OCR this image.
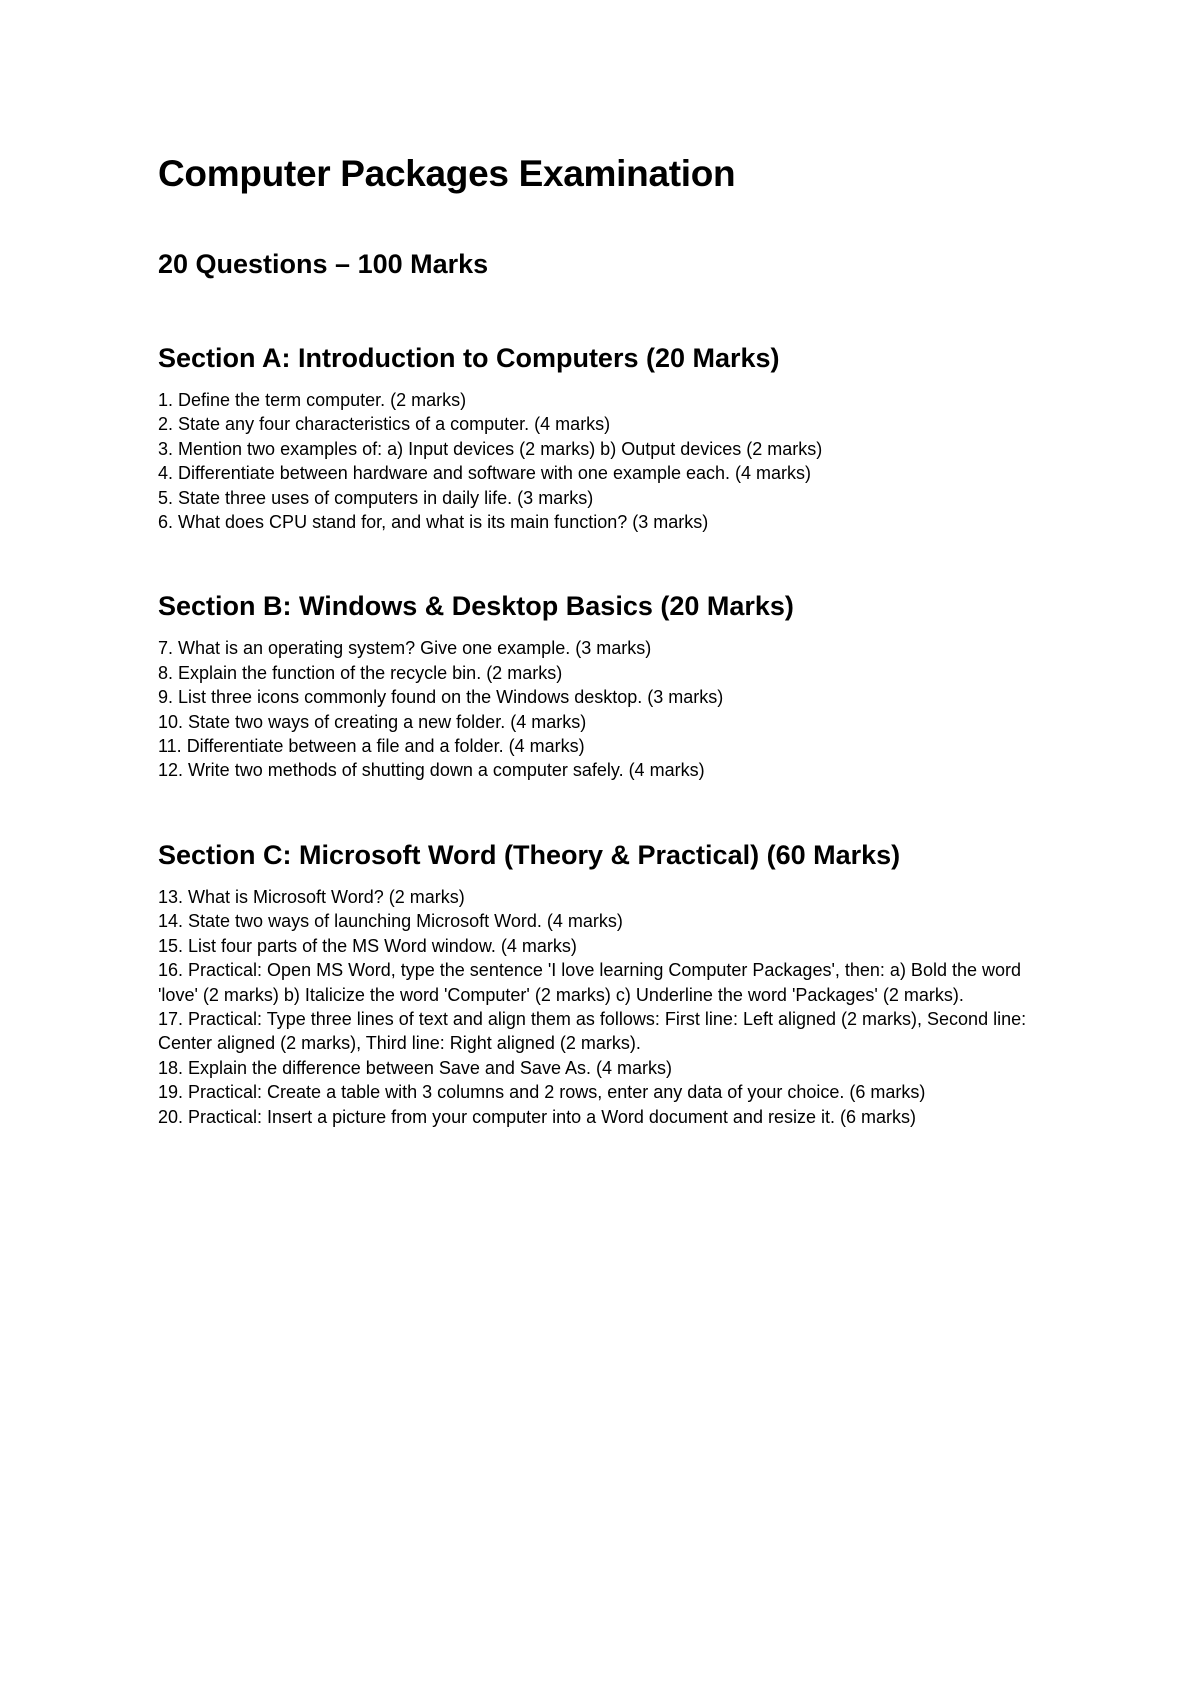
Computer Packages Examination
20 Questions – 100 Marks
Section A: Introduction to Computers (20 Marks)
1. Define the term computer. (2 marks)
2. State any four characteristics of a computer. (4 marks)
3. Mention two examples of: a) Input devices (2 marks) b) Output devices (2 marks)
4. Differentiate between hardware and software with one example each. (4 marks)
5. State three uses of computers in daily life. (3 marks)
6. What does CPU stand for, and what is its main function? (3 marks)
Section B: Windows & Desktop Basics (20 Marks)
7. What is an operating system? Give one example. (3 marks)
8. Explain the function of the recycle bin. (2 marks)
9. List three icons commonly found on the Windows desktop. (3 marks)
10. State two ways of creating a new folder. (4 marks)
11. Differentiate between a file and a folder. (4 marks)
12. Write two methods of shutting down a computer safely. (4 marks)
Section C: Microsoft Word (Theory & Practical) (60 Marks)
13. What is Microsoft Word? (2 marks)
14. State two ways of launching Microsoft Word. (4 marks)
15. List four parts of the MS Word window. (4 marks)
16. Practical: Open MS Word, type the sentence 'I love learning Computer Packages', then: a) Bold the word 'love' (2 marks) b) Italicize the word 'Computer' (2 marks) c) Underline the word 'Packages' (2 marks).
17. Practical: Type three lines of text and align them as follows: First line: Left aligned (2 marks), Second line: Center aligned (2 marks), Third line: Right aligned (2 marks).
18. Explain the difference between Save and Save As. (4 marks)
19. Practical: Create a table with 3 columns and 2 rows, enter any data of your choice. (6 marks)
20. Practical: Insert a picture from your computer into a Word document and resize it. (6 marks)
